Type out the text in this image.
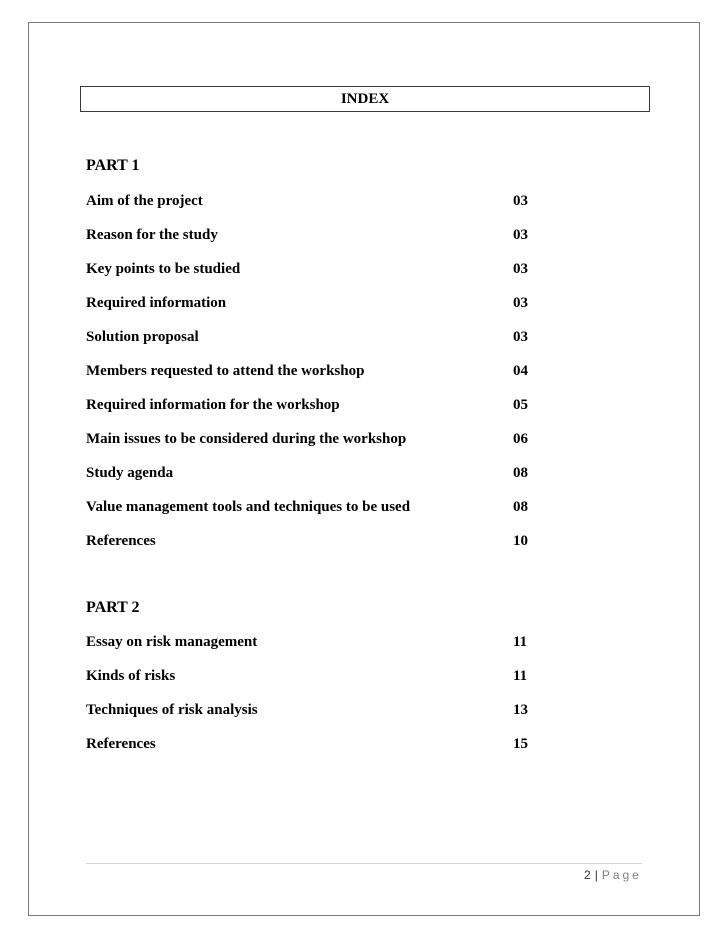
INDEX
PART 1
Aim of the project	03
Reason for the study	03
Key points to be studied	03
Required information	03
Solution proposal	03
Members requested to attend the workshop	04
Required information for the workshop	05
Main issues to be considered during the workshop	06
Study agenda	08
Value management tools and techniques to be used	08
References	10
PART 2
Essay on risk management	11
Kinds of risks	11
Techniques of risk analysis	13
References	15
2 | Page
